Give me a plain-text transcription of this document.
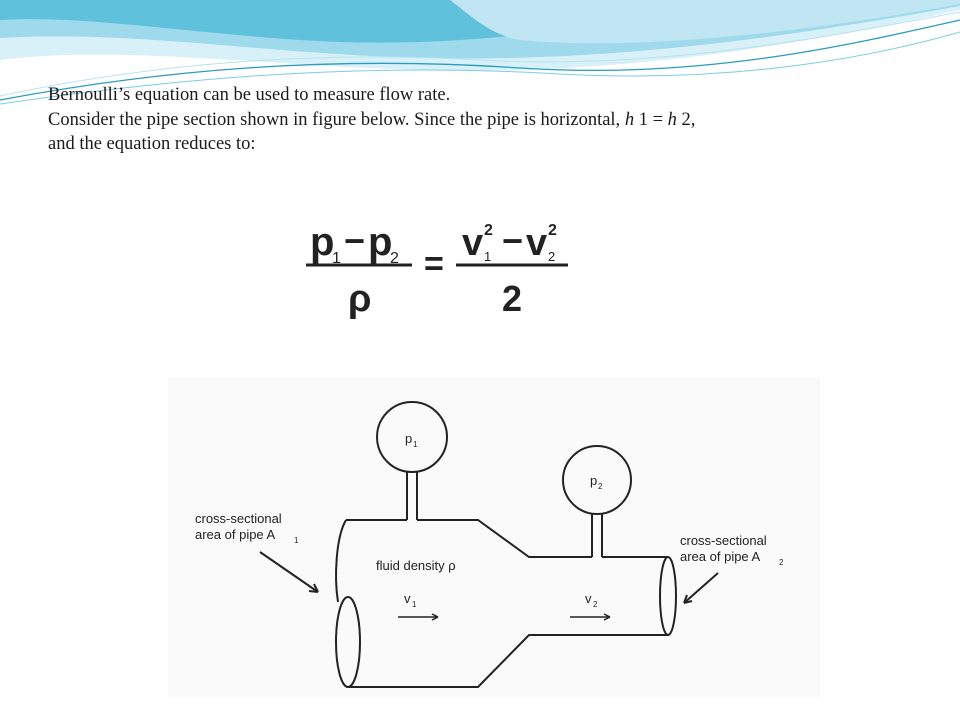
Bernoulli’s equation can be used to measure flow rate.

Consider the pipe section shown in figure below. Since the pipe is horizontal, h 1 = h 2,

and the equation reduces to:

p
1 − p
2
ρ
= v 2
1 − v 2
2
2
p 1
p 2
cross-sectional
area of pipe A 1	cross-sectional
area of pipe A 2
fluid density ρ
v 1	v 2
